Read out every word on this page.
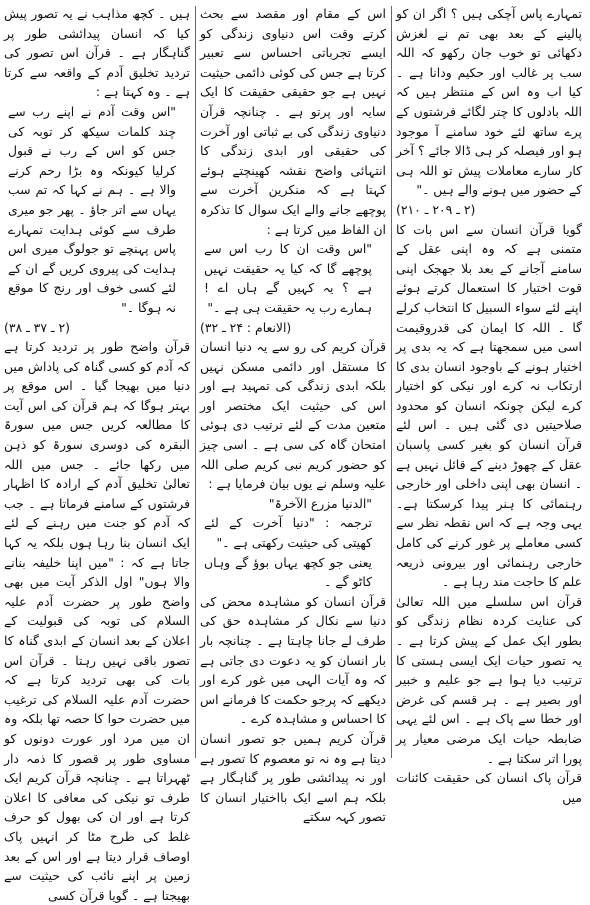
تمہارے پاس آچکی ہیں ؟ اگر ان کو پالینے کے بعد بھی تم نے لغزش دکھائی تو خوب جان رکھو کہ اللہ سب پر غالب اور حکیم ودانا ہے ۔ کیا اب وہ اس کے منتظر ہیں کہ اللہ بادلوں کا چتر لگائے فرشتوں کے پرے ساتھ لئے خود سامنے آ موجود ہو اور فیصلہ کر ہی ڈالا جائے ؟ آخر کار سارے معاملات پیش تو اللہ ہی کے حضور میں ہونے والے ہیں ۔"

(۲ ـ ۲۰۹ ـ ۲۱۰)

گویا قرآن انسان سے اس بات کا متمنی ہے کہ وہ اپنی عقل کے سامنے آجانے کے بعد بلا جھجک اپنی قوت اختیار کا استعمال کرتے ہوئے اپنے لئے سواء السبیل کا انتخاب کرلے گا ۔ اللہ کا ایمان کی قدروقیمت اسی میں سمجھتا ہے کہ یہ بدی پر اختیار ہونے کے باوجود انسان بدی کا ارتکاب نہ کرے اور نیکی کو اختیار کرے لیکن چونکہ انسان کو محدود صلاحیتیں دی گئی ہیں ۔ اس لئے قرآن انسان کو بغیر کسی پاسبان عقل کے چھوڑ دینے کے قائل نہیں ہے ۔ انسان بھی اپنی داخلی اور خارجی رہنمائی کا ہنر پیدا کرسکتا ہے۔ یہی وجہ ہے کہ اس نقطہ نظر سے کسی معاملے پر غور کرنے کی کامل خارجی رہنمائی اور بیرونی ذریعہ علم کا حاجت مند رہا ہے ۔

قرآن اس سلسلے میں اللہ تعالیٰ کی عنایت کردہ نظام زندگی کو بطور ایک عمل کے پیش کرتا ہے ۔ یہ تصور حیات ایک ایسی ہستی کا ترتیب دیا ہوا ہے جو علیم و خبیر اور بصیر ہے ۔ ہر قسم کی غرض اور خطا سے پاک ہے ۔ اس لئے یہی ضابطہ حیات ایک مرضی معیار پر پورا اتر سکتا ہے ۔

قرآن پاک انسان کی حقیقت کائنات میں

اس کے مقام اور مقصد سے بحث کرتے وقت اس دنیاوی زندگی کو ایسے تجرباتی احساس سے تعبیر کرتا ہے جس کی کوئی دائمی حیثیت نہیں ہے جو حقیقی حقیقت کا ایک سایہ اور پرتو ہے ۔ چنانچہ قرآن دنیاوی زندگی کی بے ثباتی اور آخرت کی حقیقی اور ابدی زندگی کا انتہائی واضح نقشہ کھینچتے ہوئے کہتا ہے کہ منکرین آخرت سے پوچھے جانے والے ایک سوال کا تذکرہ ان الفاظ میں کرتا ہے :

"اس وقت ان کا رب اس سے پوچھے گا کہ کیا یہ حقیقت نہیں ہے ؟ یہ کہیں گے ہاں اے ! ہمارے رب یہ حقیقت ہی ہے ۔"

(الانعام : ۲۴ ـ ۳۲)

قرآن کریم کی رو سے یہ دنیا انسان کا مستقل اور دائمی مسکن نہیں بلکہ ابدی زندگی کی تمہید ہے اور اس کی حیثیت ایک مختصر اور متعین مدت کے لئے ترتیب دی ہوئی امتحان گاہ کی سی ہے ۔ اسی چیز کو حضور کریم نبی کریم صلی اللہ علیہ وسلم نے یوں بیان فرمایا ہے :

"الدنیا مزرع الآخرۃ"

ترجمہ : "دنیا آخرت کے لئے کھیتی کی حیثیت رکھتی ہے ۔"

یعنی جو کچھ یہاں بوؤ گے وہاں کاٹو گے ۔

قرآن انسان کو مشاہدہ محض کی دنیا سے نکال کر مشاہدہ حق کی طرف لے جانا چاہتا ہے ۔ چنانچہ بار بار انسان کو یہ دعوت دی جاتی ہے کہ وہ آیات الہی میں غور کرے اور دیکھے کہ پرجو حکمت کا فرمانے اس کا احساس و مشاہدہ کرے ۔

قرآن کریم ہمیں جو تصور انسان دیتا ہے وہ نہ تو معصوم کا تصور ہے اور نہ پیدائشی طور پر گناہگار ہے بلکہ ہم اسے ایک بااختیار انسان کا تصور کہہ سکتے

ہیں ۔ کچھ مذاہب نے یہ تصور پیش کیا کہ انسان پیدائشی طور پر گناہگار ہے ۔ قرآن اس تصور کی تردید تخلیق آدم کے واقعہ سے کرتا ہے ۔ وہ کہتا ہے :

"اس وقت آدم نے اپنے رب سے چند کلمات سیکھ کر توبہ کی جس کو اس کے رب نے قبول کرلیا کیونکہ وہ بڑا رحم کرنے والا ہے ۔ ہم نے کہا کہ تم سب یہاں سے اتر جاؤ ۔ پھر جو میری طرف سے کوئی ہدایت تمہارے پاس پہنچے تو جولوگ میری اس ہدایت کی پیروی کریں گے ان کے لئے کسی خوف اور رنج کا موقع نہ ہوگا ۔"

(۲ ـ ۳۷ ـ ۳۸)

قرآن واضح طور پر تردید کرتا ہے کہ آدم کو کسی گناہ کی پاداش میں دنیا میں بھیجا گیا ۔ اس موقع پر بہتر ہوگا کہ ہم قرآن کی اس آیت کا مطالعہ کریں جس میں سورۃ البقرہ کی دوسری سورۃ کو ذہن میں رکھا جائے ۔ جس میں اللہ تعالیٰ تخلیق آدم کے ارادہ کا اظہار فرشتوں کے سامنے فرماتا ہے ۔ جب کہ آدم کو جنت میں رہنے کے لئے ایک انسان بنا رہا ہوں بلکہ یہ کہا جاتا ہے کہ : "میں اپنا خلیفہ بنانے والا ہوں" اول الذکر آیت میں بھی واضح طور پر حضرت آدم علیہ السلام کی توبہ کی قبولیت کے اعلان کے بعد انسان کے ابدی گناہ کا تصور باقی نہیں رہتا ۔ قرآن اس بات کی بھی تردید کرتا ہے کہ حضرت آدم علیہ السلام کی ترغیب میں حضرت حوا کا حصہ تھا بلکہ وہ ان میں مرد اور عورت دونوں کو مساوی طور پر قصور کا ذمہ دار ٹھہراتا ہے ۔ چنانچہ قرآن کریم ایک طرف تو نیکی کی معافی کا اعلان کرتا ہے اور ان کی بھول کو حرف غلط کی طرح مٹا کر انہیں پاک اوصاف قرار دیتا ہے اور اس کے بعد زمین پر اپنے نائب کی حیثیت سے بھیجتا ہے ۔ گویا قرآن کسی
